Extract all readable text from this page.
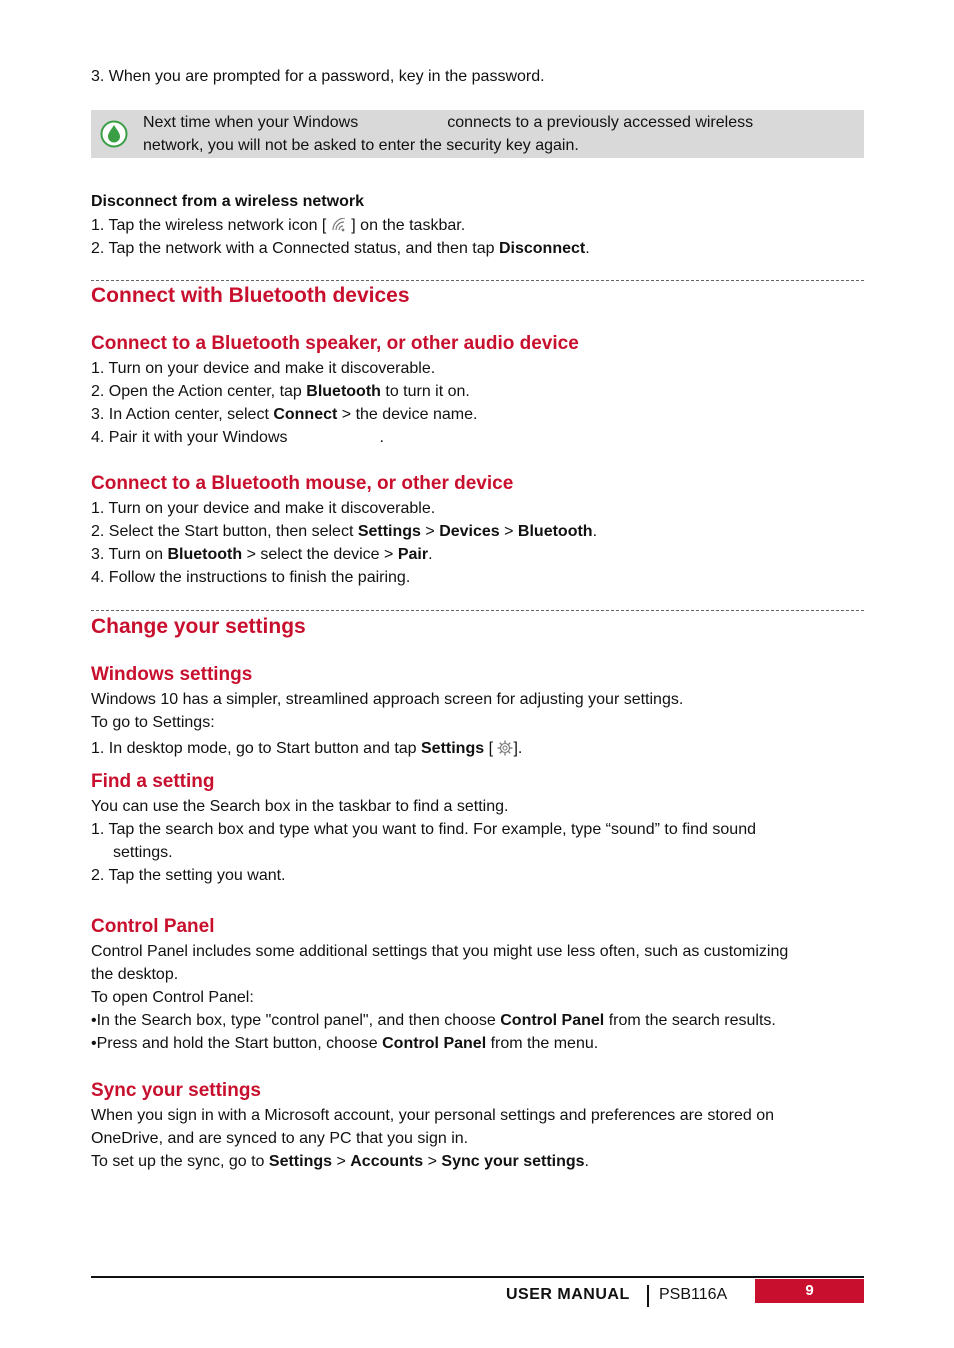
3. When you are prompted for a password, key in the password.
Next time when your Windows	connects to a previously accessed wireless
network, you will not be asked to enter the security key again.
Disconnect from a wireless network
1. Tap the wireless network icon [ ] on the taskbar.
2. Tap the network with a Connected status, and then tap Disconnect.
Connect with Bluetooth devices
Connect to a Bluetooth speaker, or other audio device
1. Turn on your device and make it discoverable.
2. Open the Action center, tap Bluetooth to turn it on.
3. In Action center, select Connect > the device name.
4. Pair it with your Windows	.
Connect to a Bluetooth mouse, or other device
1. Turn on your device and make it discoverable.
2. Select the Start button, then select Settings > Devices > Bluetooth.
3. Turn on Bluetooth > select the device > Pair.
4. Follow the instructions to finish the pairing.
Change your settings
Windows settings
Windows 10 has a simpler, streamlined approach screen for adjusting your settings.
To go to Settings:
1. In desktop mode, go to Start button and tap Settings [ ].
Find a setting
You can use the Search box in the taskbar to find a setting.
1. Tap the search box and type what you want to find. For example, type “sound” to find sound
settings.
2. Tap the setting you want.
Control Panel
Control Panel includes some additional settings that you might use less often, such as customizing
the desktop.
To open Control Panel:
•In the Search box, type "control panel", and then choose Control Panel from the search results.
•Press and hold the Start button, choose Control Panel from the menu.
Sync your settings
When you sign in with a Microsoft account, your personal settings and preferences are stored on
OneDrive, and are synced to any PC that you sign in.
To set up the sync, go to Settings > Accounts > Sync your settings.
USER MANUAL PSB116A	9
